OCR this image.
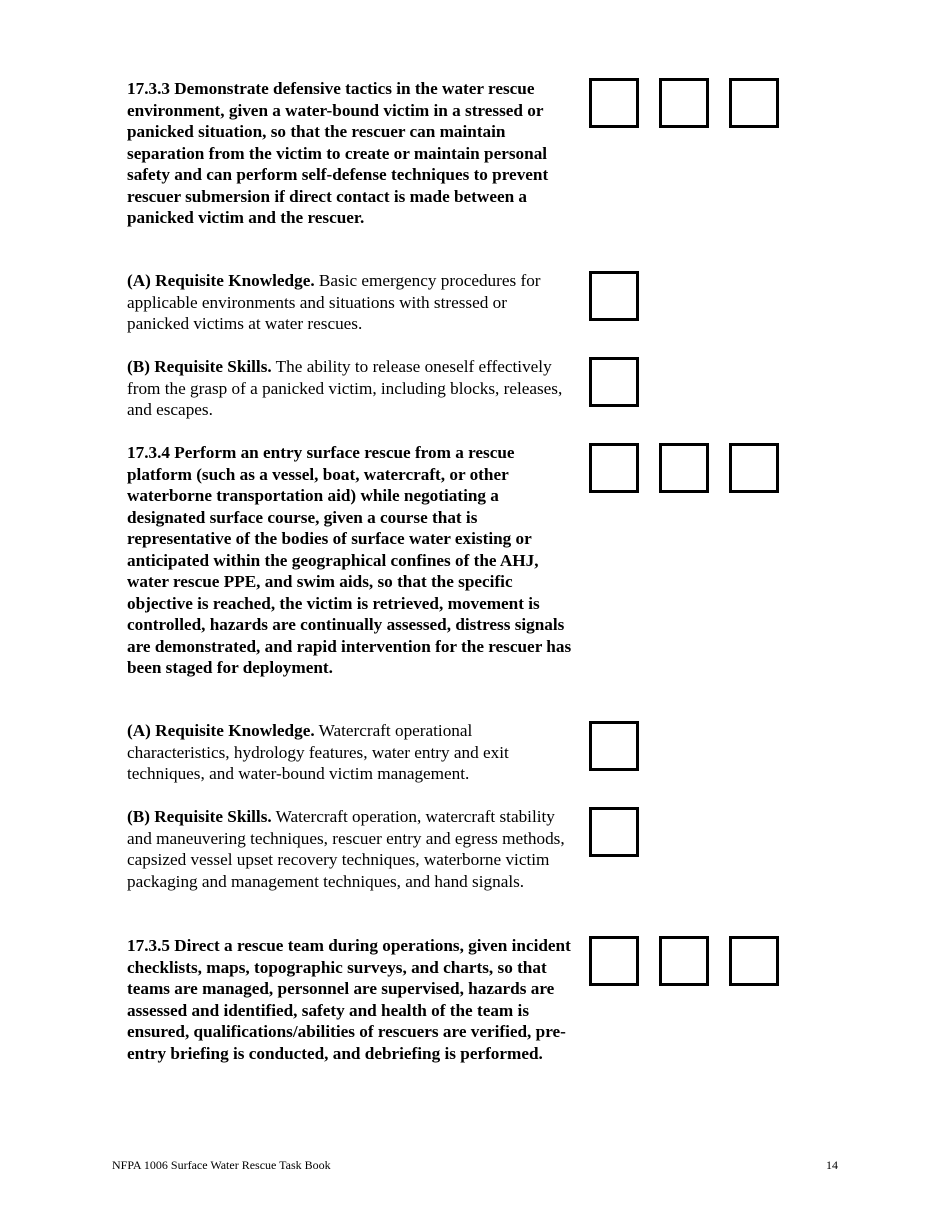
17.3.3 Demonstrate defensive tactics in the water rescue environment, given a water-bound victim in a stressed or panicked situation, so that the rescuer can maintain separation from the victim to create or maintain personal safety and can perform self-defense techniques to prevent rescuer submersion if direct contact is made between a panicked victim and the rescuer.
(A) Requisite Knowledge. Basic emergency procedures for applicable environments and situations with stressed or panicked victims at water rescues.
(B) Requisite Skills. The ability to release oneself effectively from the grasp of a panicked victim, including blocks, releases, and escapes.
17.3.4 Perform an entry surface rescue from a rescue platform (such as a vessel, boat, watercraft, or other waterborne transportation aid) while negotiating a designated surface course, given a course that is representative of the bodies of surface water existing or anticipated within the geographical confines of the AHJ, water rescue PPE, and swim aids, so that the specific objective is reached, the victim is retrieved, movement is controlled, hazards are continually assessed, distress signals are demonstrated, and rapid intervention for the rescuer has been staged for deployment.
(A) Requisite Knowledge. Watercraft operational characteristics, hydrology features, water entry and exit techniques, and water-bound victim management.
(B) Requisite Skills. Watercraft operation, watercraft stability and maneuvering techniques, rescuer entry and egress methods, capsized vessel upset recovery techniques, waterborne victim packaging and management techniques, and hand signals.
17.3.5 Direct a rescue team during operations, given incident checklists, maps, topographic surveys, and charts, so that teams are managed, personnel are supervised, hazards are assessed and identified, safety and health of the team is ensured, qualifications/abilities of rescuers are verified, pre-entry briefing is conducted, and debriefing is performed.
NFPA 1006 Surface Water Rescue Task Book	14
